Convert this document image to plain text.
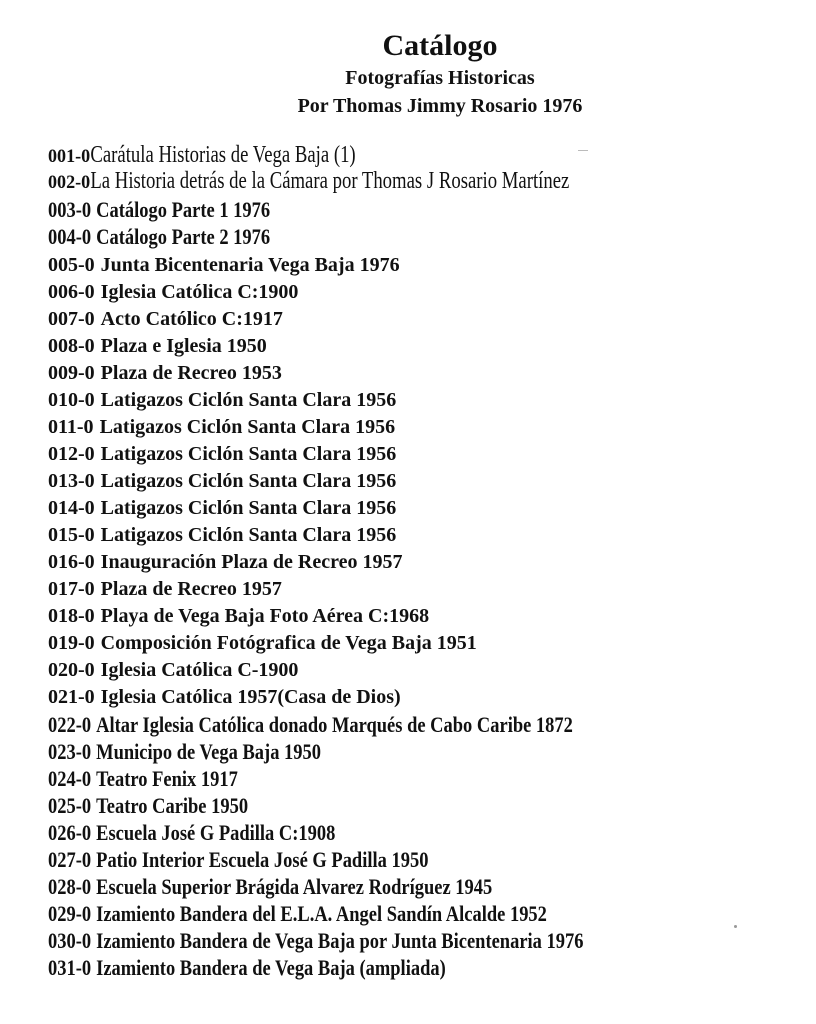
Catálogo
Fotografías Historicas
Por Thomas Jimmy Rosario 1976
001-0Carátula Historias de Vega Baja (1)
002-0La Historia detrás de la Cámara por Thomas J Rosario Martínez
003-0 Catálogo Parte 1 1976
004-0 Catálogo Parte 2 1976
005-0 Junta Bicentenaria Vega Baja 1976
006-0 Iglesia Católica C:1900
007-0 Acto Católico C:1917
008-0 Plaza e Iglesia 1950
009-0 Plaza de Recreo 1953
010-0 Latigazos Ciclón Santa Clara 1956
011-0 Latigazos Ciclón Santa Clara 1956
012-0 Latigazos Ciclón Santa Clara 1956
013-0 Latigazos Ciclón Santa Clara 1956
014-0 Latigazos Ciclón Santa Clara 1956
015-0 Latigazos Ciclón Santa Clara 1956
016-0 Inauguración Plaza de Recreo 1957
017-0 Plaza de Recreo 1957
018-0 Playa de Vega Baja Foto Aérea C:1968
019-0 Composición Fotógrafica de Vega Baja 1951
020-0 Iglesia Católica C-1900
021-0 Iglesia Católica 1957(Casa de Dios)
022-0 Altar Iglesia Católica donado Marqués de Cabo Caribe 1872
023-0 Municipo de Vega Baja 1950
024-0 Teatro Fenix 1917
025-0 Teatro Caribe 1950
026-0 Escuela José G Padilla C:1908
027-0 Patio Interior Escuela José G Padilla 1950
028-0 Escuela Superior Brágida Alvarez Rodríguez 1945
029-0 Izamiento Bandera del E.L.A. Angel Sandín Alcalde 1952
030-0 Izamiento Bandera de Vega Baja por Junta Bicentenaria 1976
031-0 Izamiento Bandera de Vega Baja (ampliada)
